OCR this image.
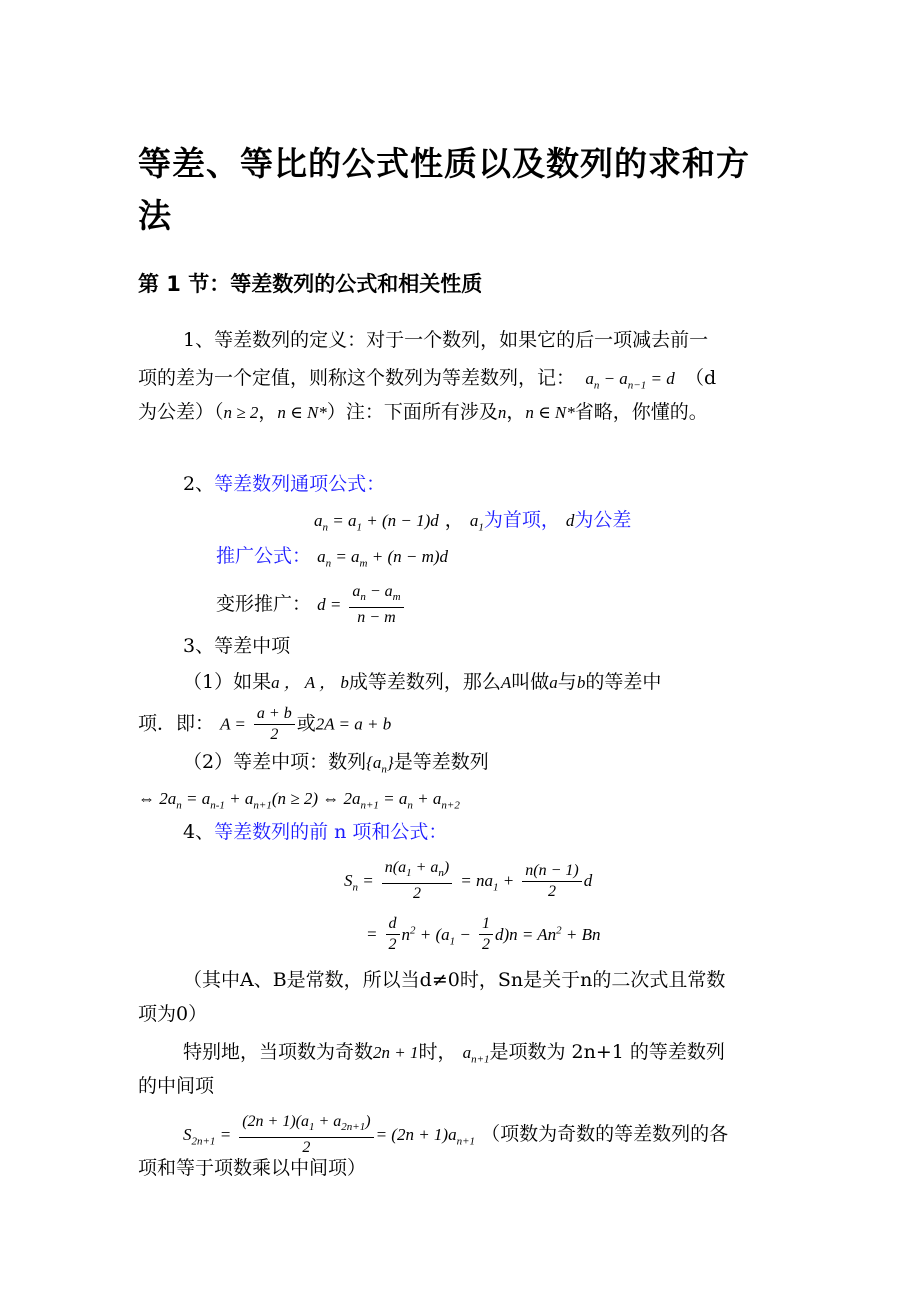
等差、等比的公式性质以及数列的求和方法
第 1 节：等差数列的公式和相关性质
1、等差数列的定义：对于一个数列，如果它的后一项减去前一
项的差为一个定值，则称这个数列为等差数列，记：  $a_n - a_{n-1} = d$  （d
为公差）（n ≥ 2，n ∈ N*）注：下面所有涉及n，n ∈ N*省略，你懂的。
2、等差数列通项公式：
$a_n = a_1 + (n - 1)d$ ， $a_1$为首项， d为公差
推广公式： $a_n = a_m + (n - m)d$
变形推广： $d = \frac{a_n - a_m}{n - m}$
3、等差中项
（1）如果a ， A ， b成等差数列，那么A叫做a与b的等差中
项．即： $A = \frac{a + b}{2}$ 或2A = a + b
（2）等差中项：数列$\{a_n\}$是等差数列
⇔ $2a_n = a_{n-1} + a_{n+1}(n \ge 2)$ ⇔ $2a_{n+1} = a_n + a_{n+2}$
4、等差数列的前 n 项和公式：
$S_n = \frac{n(a_1 + a_n)}{2} = na_1 + \frac{n(n - 1)}{2}$ d
= $\frac{d}{2} n^2 + (a_1 - \frac{1}{2} d)n = An^2 + Bn$
（其中A、B是常数，所以当d≠0时，Sn是关于n的二次式且常数
项为0）
特别地，当项数为奇数2n + 1时， $a_{n+1}$是项数为 2n+1 的等差数列
的中间项
$S_{2n+1} = \frac{(2n + 1)(a_1 + a_{2n+1})}{2} = (2n + 1)a_{n+1}$ （项数为奇数的等差数列的各
项和等于项数乘以中间项）
